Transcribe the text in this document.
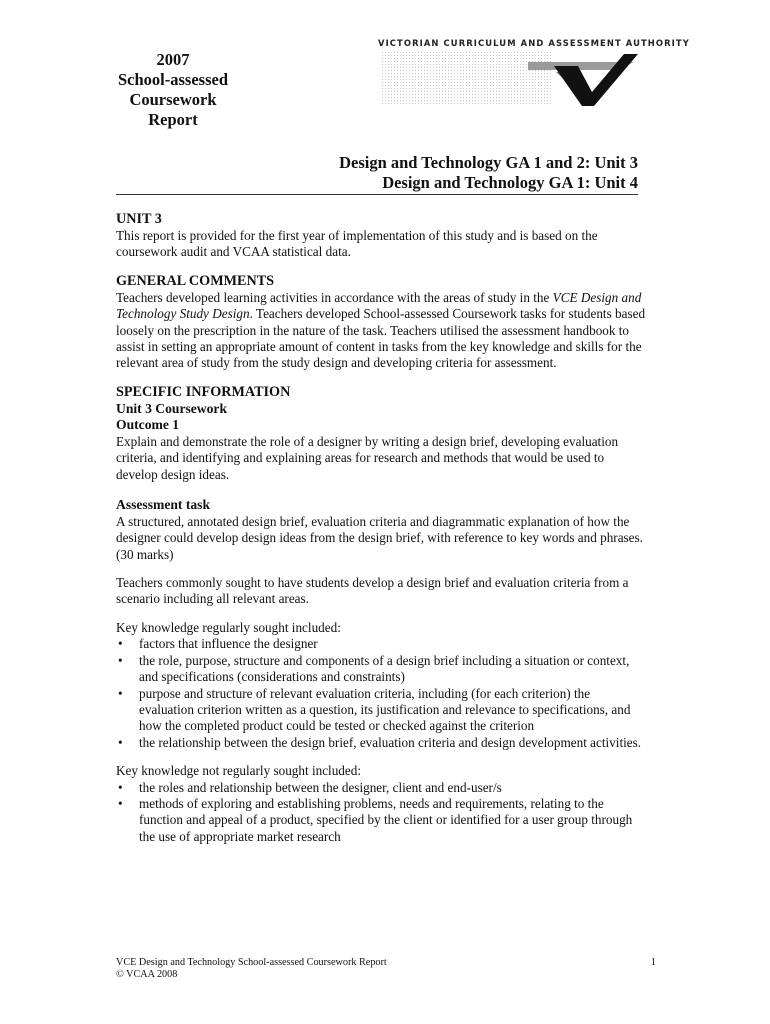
2007
School-assessed
Coursework
Report
VICTORIAN CURRICULUM AND ASSESSMENT AUTHORITY
Design and Technology GA 1 and 2: Unit 3
Design and Technology GA 1: Unit 4

UNIT 3

This report is provided for the first year of implementation of this study and is based on the coursework audit and VCAA statistical data.

GENERAL COMMENTS

Teachers developed learning activities in accordance with the areas of study in the VCE Design and Technology Study Design. Teachers developed School-assessed Coursework tasks for students based loosely on the prescription in the nature of the task. Teachers utilised the assessment handbook to assist in setting an appropriate amount of content in tasks from the key knowledge and skills for the relevant area of study from the study design and developing criteria for assessment.

SPECIFIC INFORMATION

Unit 3 Coursework

Outcome 1

Explain and demonstrate the role of a designer by writing a design brief, developing evaluation criteria, and identifying and explaining areas for research and methods that would be used to develop design ideas.

Assessment task

A structured, annotated design brief, evaluation criteria and diagrammatic explanation of how the designer could develop design ideas from the design brief, with reference to key words and phrases.

(30 marks)

Teachers commonly sought to have students develop a design brief and evaluation criteria from a scenario including all relevant areas.

Key knowledge regularly sought included:

• factors that influence the designer
• the role, purpose, structure and components of a design brief including a situation or context, and specifications (considerations and constraints)
• purpose and structure of relevant evaluation criteria, including (for each criterion) the evaluation criterion written as a question, its justification and relevance to specifications, and how the completed product could be tested or checked against the criterion
• the relationship between the design brief, evaluation criteria and design development activities.

Key knowledge not regularly sought included:

• the roles and relationship between the designer, client and end-user/s
• methods of exploring and establishing problems, needs and requirements, relating to the function and appeal of a product, specified by the client or identified for a user group through the use of appropriate market research
VCE Design and Technology School-assessed Coursework Report
© VCAA 2008
1
